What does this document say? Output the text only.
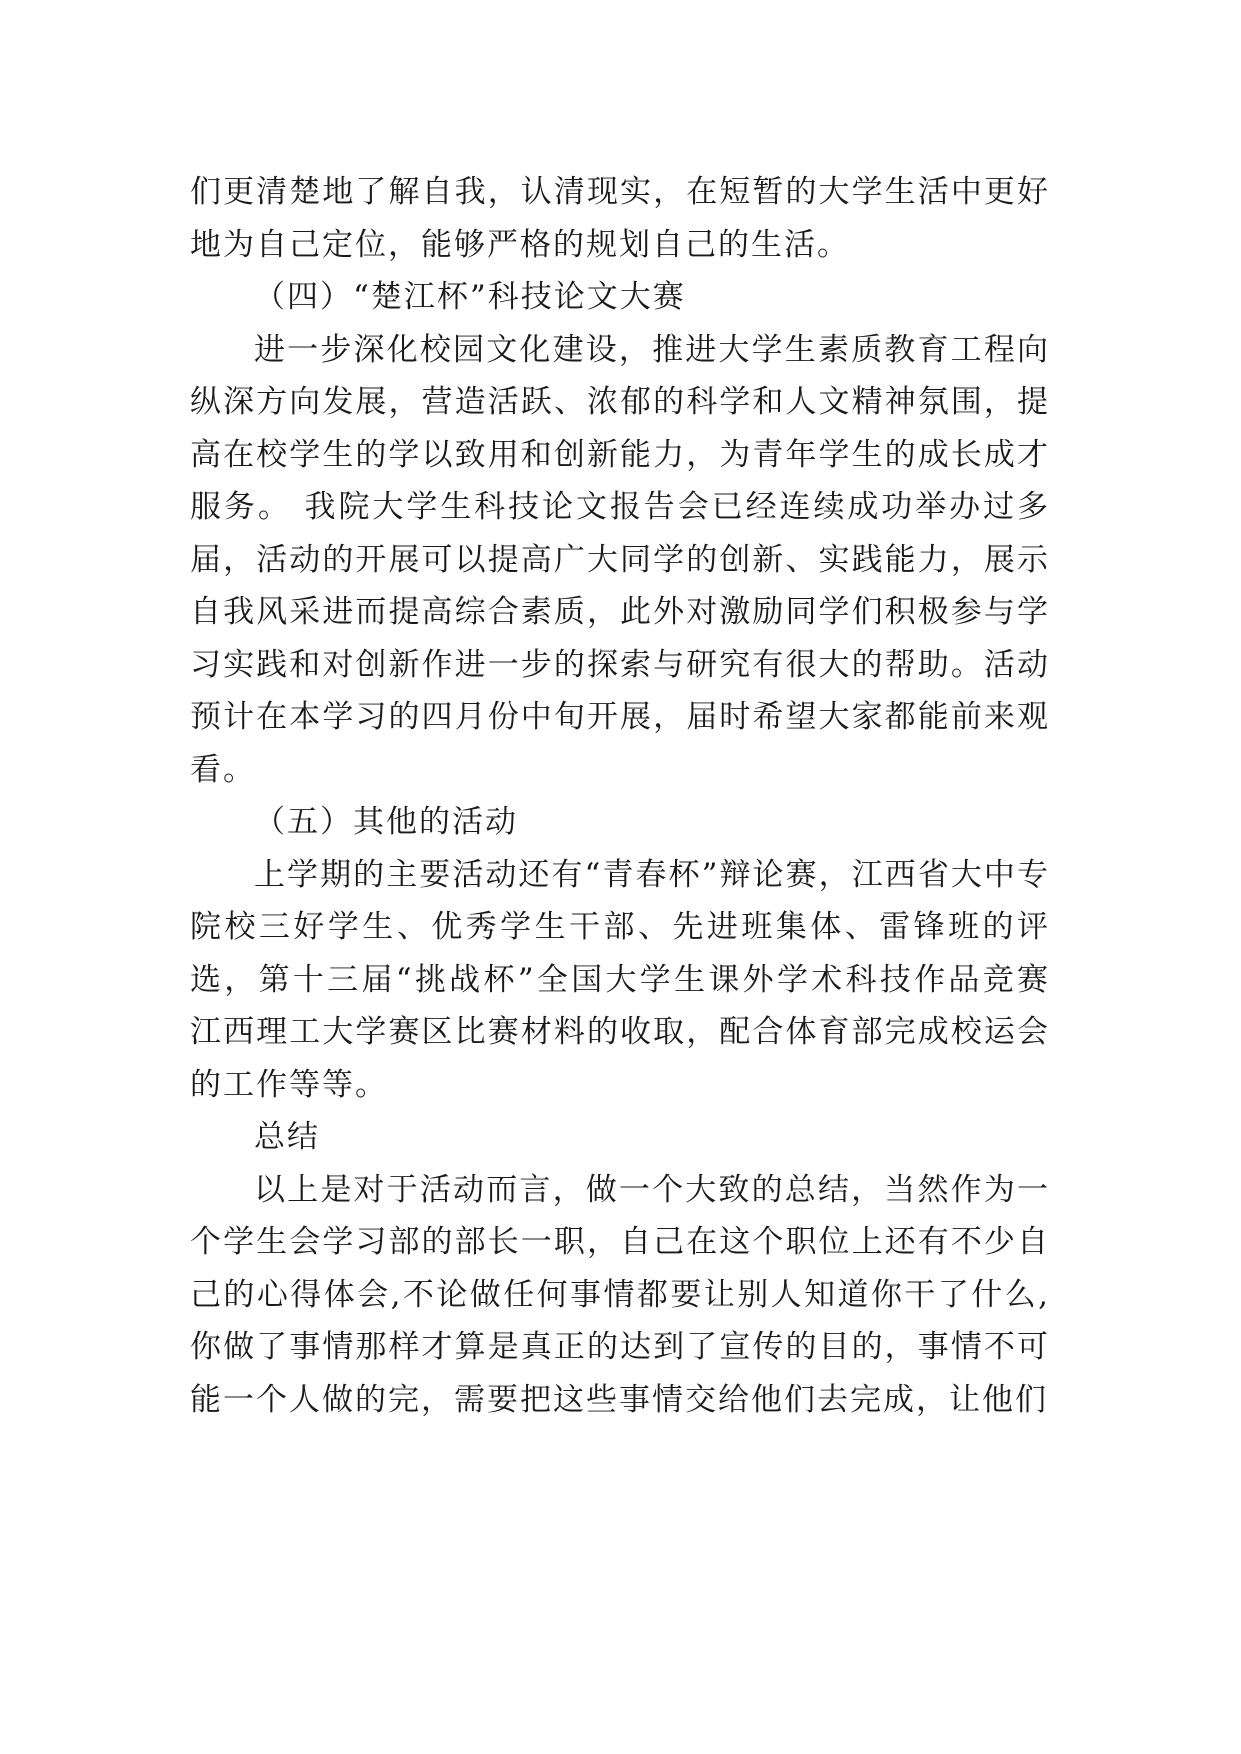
们更清楚地了解自我，认清现实，在短暂的大学生活中更好地为自己定位，能够严格的规划自己的生活。

（四）“楚江杯”科技论文大赛

进一步深化校园文化建设，推进大学生素质教育工程向纵深方向发展，营造活跃、浓郁的科学和人文精神氛围，提高在校学生的学以致用和创新能力，为青年学生的成长成才服务。 我院大学生科技论文报告会已经连续成功举办过多届，活动的开展可以提高广大同学的创新、实践能力，展示自我风采进而提高综合素质，此外对激励同学们积极参与学习实践和对创新作进一步的探索与研究有很大的帮助。活动预计在本学习的四月份中旬开展，届时希望大家都能前来观看。

（五）其他的活动

上学期的主要活动还有“青春杯”辩论赛，江西省大中专院校三好学生、优秀学生干部、先进班集体、雷锋班的评选，第十三届“挑战杯”全国大学生课外学术科技作品竞赛江西理工大学赛区比赛材料的收取，配合体育部完成校运会的工作等等。

总结

以上是对于活动而言，做一个大致的总结，当然作为一个学生会学习部的部长一职，自己在这个职位上还有不少自己的心得体会,不论做任何事情都要让别人知道你干了什么,你做了事情那样才算是真正的达到了宣传的目的，事情不可能一个人做的完，需要把这些事情交给他们去完成，让他们
